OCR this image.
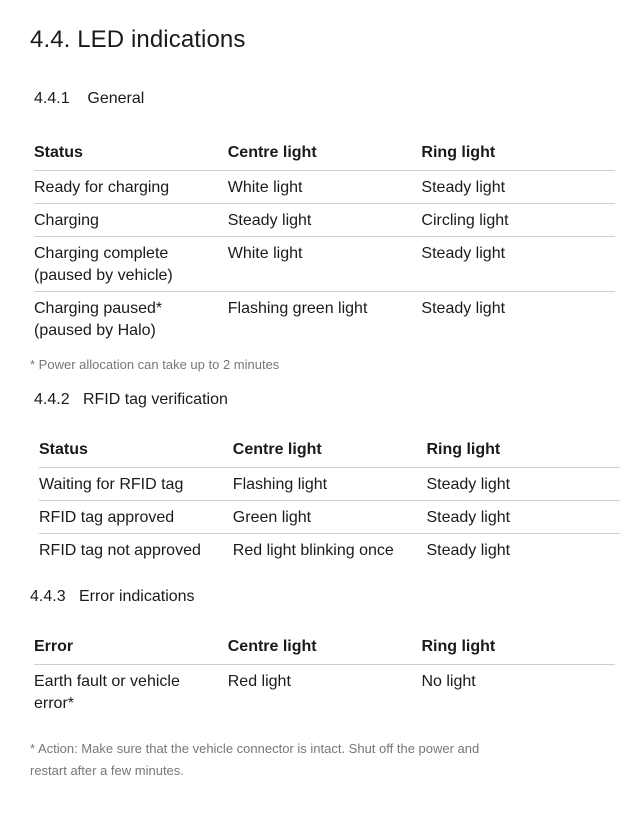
4.4. LED indications
4.4.1 General
Status	Centre light	Ring light
Ready for charging	White light	Steady light
Charging	Steady light	Circling light
Charging complete
(paused by vehicle)	White light	Steady light
Charging paused*
(paused by Halo)	Flashing green light	Steady light
* Power allocation can take up to 2 minutes
4.4.2 RFID tag verification
Status	Centre light	Ring light
Waiting for RFID tag	Flashing light	Steady light
RFID tag approved	Green light	Steady light
RFID tag not approved	Red light blinking once	Steady light
4.4.3 Error indications
Error	Centre light	Ring light
Earth fault or vehicle
error*	Red light	No light
* Action: Make sure that the vehicle connector is intact. Shut off the power and
restart after a few minutes.
